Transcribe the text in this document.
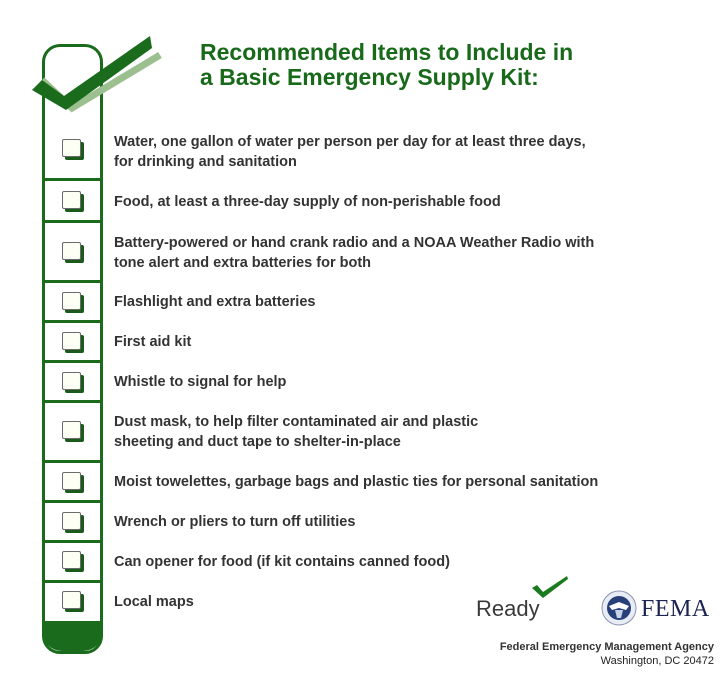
Recommended Items to Include in
a Basic Emergency Supply Kit:
Water, one gallon of water per person per day for at least three days,
for drinking and sanitation
Food, at least a three-day supply of non-perishable food
Battery-powered or hand crank radio and a NOAA Weather Radio with
tone alert and extra batteries for both
Flashlight and extra batteries
First aid kit
Whistle to signal for help
Dust mask, to help filter contaminated air and plastic
sheeting and duct tape to shelter-in-place
Moist towelettes, garbage bags and plastic ties for personal sanitation
Wrench or pliers to turn off utilities
Can opener for food (if kit contains canned food)
Local maps	Ready	FEMA
Federal Emergency Management Agency
Washington, DC 20472
